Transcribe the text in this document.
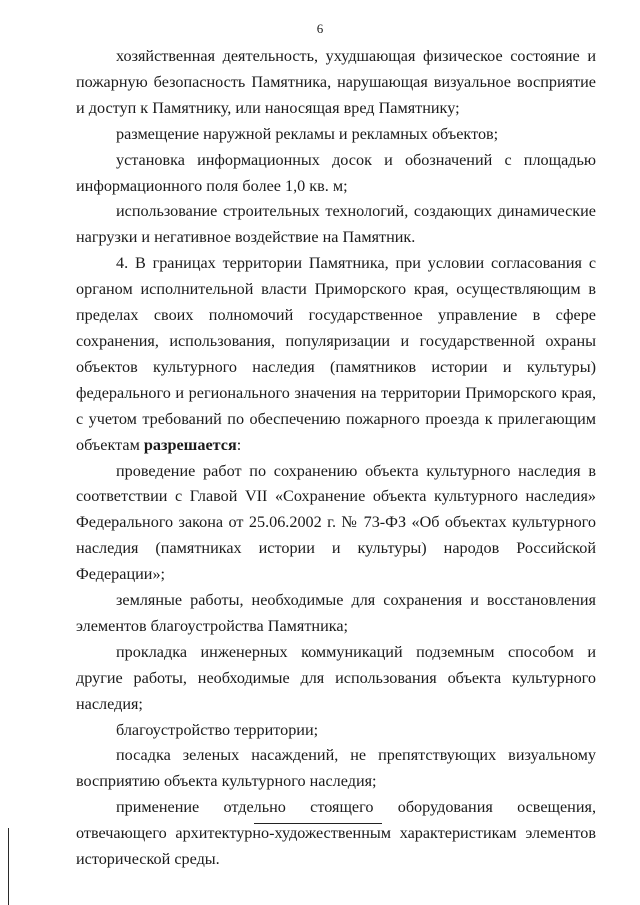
6

хозяйственная деятельность, ухудшающая физическое состояние и пожарную безопасность Памятника, нарушающая визуальное восприятие и доступ к Памятнику, или наносящая вред Памятнику;

размещение наружной рекламы и рекламных объектов;

установка информационных досок и обозначений с площадью информационного поля более 1,0 кв. м;

использование строительных технологий, создающих динамические нагрузки и негативное воздействие на Памятник.

4. В границах территории Памятника, при условии согласования с органом исполнительной власти Приморского края, осуществляющим в пределах своих полномочий государственное управление в сфере сохранения, использования, популяризации и государственной охраны объектов культурного наследия (памятников истории и культуры) федерального и регионального значения на территории Приморского края, с учетом требований по обеспечению пожарного проезда к прилегающим объектам разрешается:

проведение работ по сохранению объекта культурного наследия в соответствии с Главой VII «Сохранение объекта культурного наследия» Федерального закона от 25.06.2002 г. № 73-ФЗ «Об объектах культурного наследия (памятниках истории и культуры) народов Российской Федерации»;

земляные работы, необходимые для сохранения и восстановления элементов благоустройства Памятника;

прокладка инженерных коммуникаций подземным способом и другие работы, необходимые для использования объекта культурного наследия;

благоустройство территории;

посадка зеленых насаждений, не препятствующих визуальному восприятию объекта культурного наследия;

применение отдельно стоящего оборудования освещения, отвечающего архитектурно-художественным характеристикам элементов исторической среды.
